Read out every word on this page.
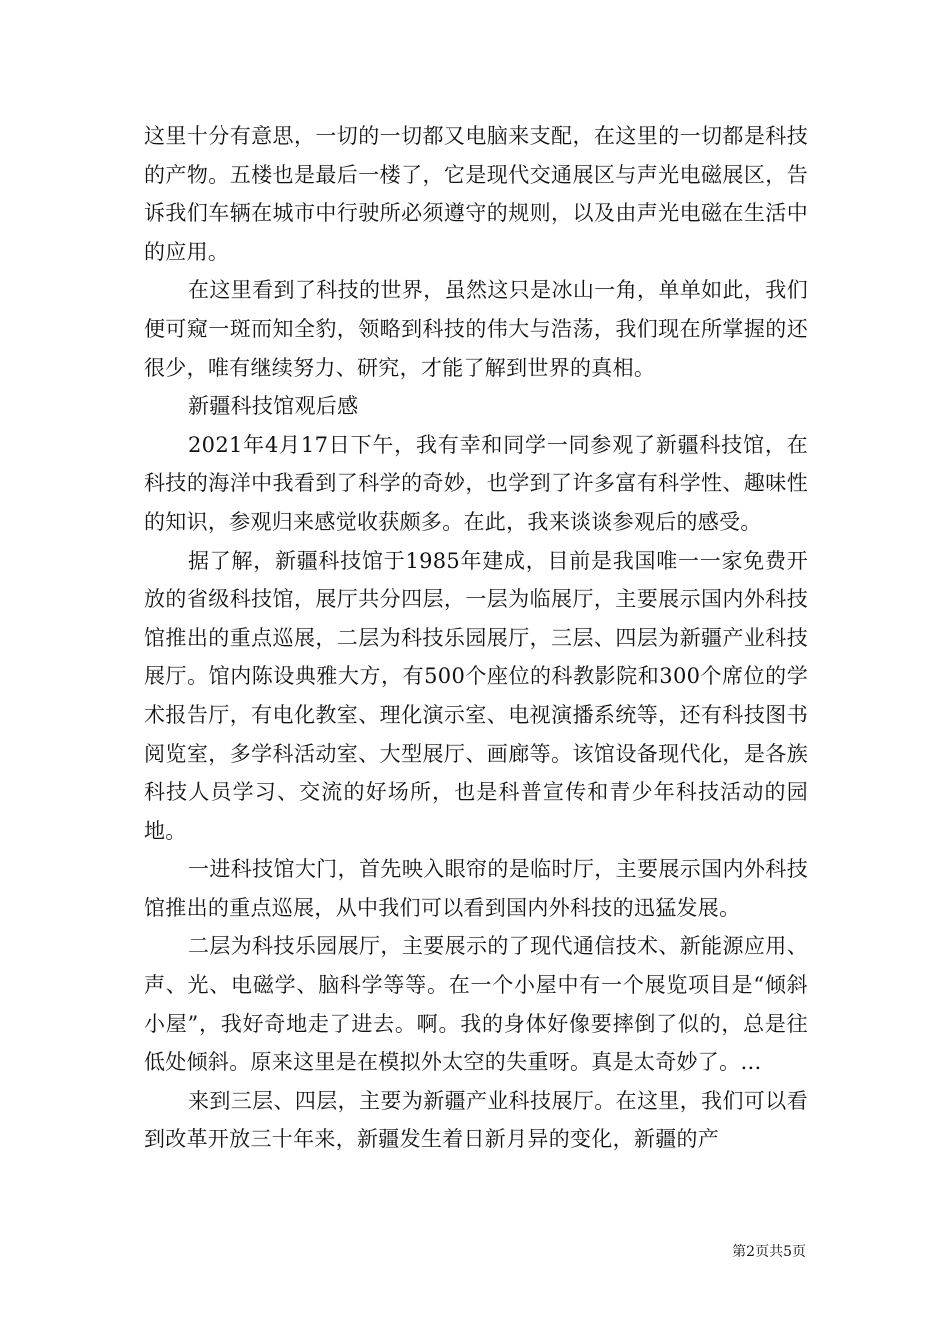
这里十分有意思，一切的一切都又电脑来支配，在这里的一切都是科技的产物。五楼也是最后一楼了，它是现代交通展区与声光电磁展区，告诉我们车辆在城市中行驶所必须遵守的规则，以及由声光电磁在生活中的应用。

在这里看到了科技的世界，虽然这只是冰山一角，单单如此，我们便可窥一斑而知全豹，领略到科技的伟大与浩荡，我们现在所掌握的还很少，唯有继续努力、研究，才能了解到世界的真相。

新疆科技馆观后感

2021年4月17日下午，我有幸和同学一同参观了新疆科技馆，在科技的海洋中我看到了科学的奇妙，也学到了许多富有科学性、趣味性的知识，参观归来感觉收获颇多。在此，我来谈谈参观后的感受。

据了解，新疆科技馆于1985年建成，目前是我国唯一一家免费开放的省级科技馆，展厅共分四层，一层为临展厅，主要展示国内外科技馆推出的重点巡展，二层为科技乐园展厅，三层、四层为新疆产业科技展厅。馆内陈设典雅大方，有500个座位的科教影院和300个席位的学术报告厅，有电化教室、理化演示室、电视演播系统等，还有科技图书阅览室，多学科活动室、大型展厅、画廊等。该馆设备现代化，是各族科技人员学习、交流的好场所，也是科普宣传和青少年科技活动的园地。

一进科技馆大门，首先映入眼帘的是临时厅，主要展示国内外科技馆推出的重点巡展，从中我们可以看到国内外科技的迅猛发展。

二层为科技乐园展厅，主要展示的了现代通信技术、新能源应用、声、光、电磁学、脑科学等等。在一个小屋中有一个展览项目是“倾斜小屋”，我好奇地走了进去。啊。我的身体好像要摔倒了似的，总是往低处倾斜。原来这里是在模拟外太空的失重呀。真是太奇妙了。…

来到三层、四层，主要为新疆产业科技展厅。在这里，我们可以看到改革开放三十年来，新疆发生着日新月异的变化，新疆的产

第2页共5页
